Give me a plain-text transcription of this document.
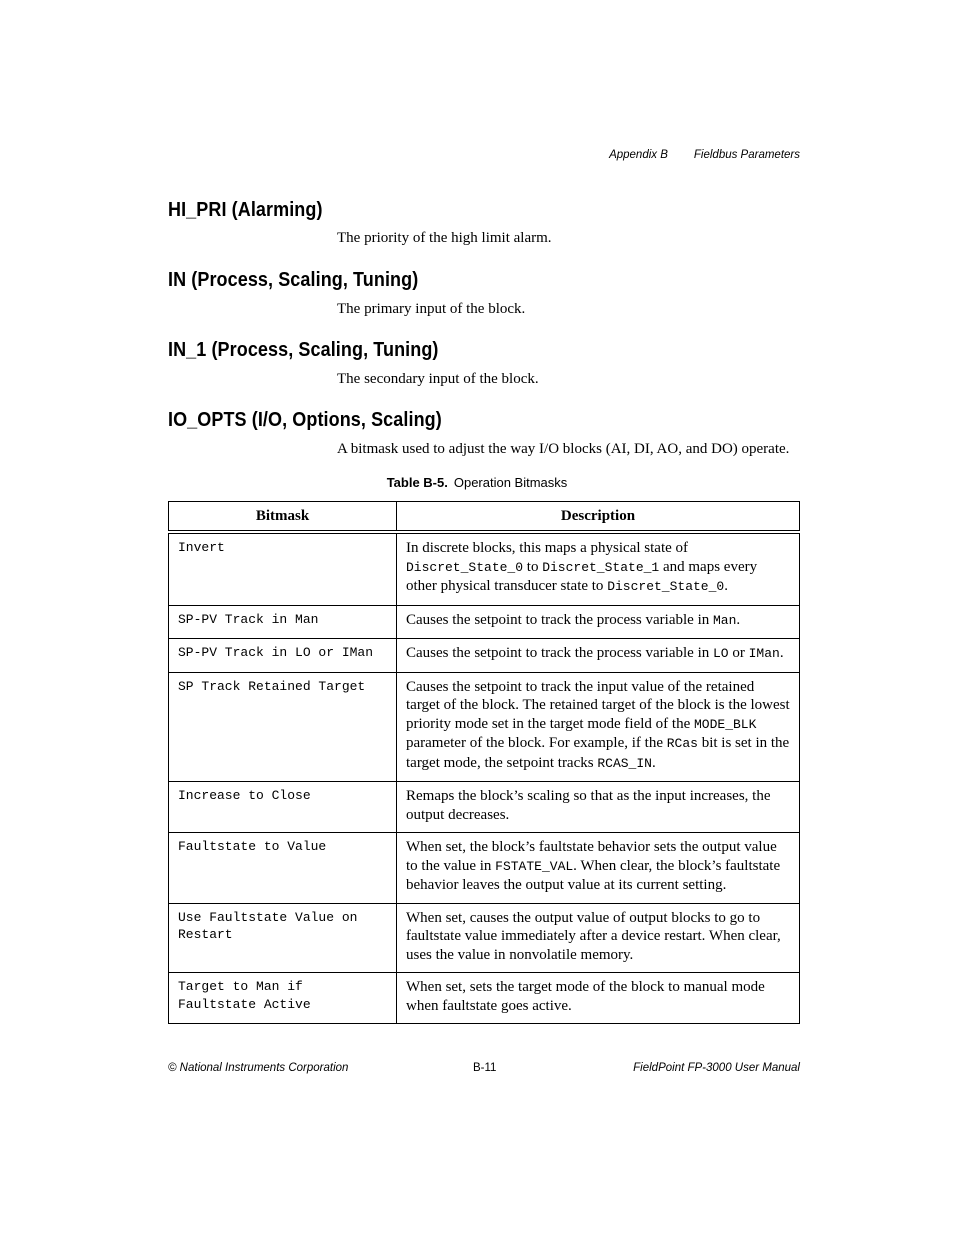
Appendix B Fieldbus Parameters
HI_PRI (Alarming)

The priority of the high limit alarm.

IN (Process, Scaling, Tuning)

The primary input of the block.

IN_1 (Process, Scaling, Tuning)

The secondary input of the block.

IO_OPTS (I/O, Options, Scaling)

A bitmask used to adjust the way I/O blocks (AI, DI, AO, and DO) operate.

Table B-5. Operation Bitmasks
Bitmask	Description

Invert	In discrete blocks, this maps a physical state of Discret_State_0 to Discret_State_1 and maps every other physical transducer state to Discret_State_0.

SP-PV Track in Man	Causes the setpoint to track the process variable in Man.

SP-PV Track in LO or IMan	Causes the setpoint to track the process variable in LO or IMan.

SP Track Retained Target	Causes the setpoint to track the input value of the retained target of the block. The retained target of the block is the lowest priority mode set in the target mode field of the MODE_BLK parameter of the block. For example, if the RCas bit is set in the target mode, the setpoint tracks RCAS_IN.

Increase to Close	Remaps the block’s scaling so that as the input increases, the output decreases.

Faultstate to Value	When set, the block’s faultstate behavior sets the output value to the value in FSTATE_VAL. When clear, the block’s faultstate behavior leaves the output value at its current setting.

Use Faultstate Value on
Restart	When set, causes the output value of output blocks to go to faultstate value immediately after a device restart. When clear, uses the value in nonvolatile memory.

Target to Man if
Faultstate Active	When set, sets the target mode of the block to manual mode when faultstate goes active.
© National Instruments Corporation	B-11	FieldPoint FP-3000 User Manual
